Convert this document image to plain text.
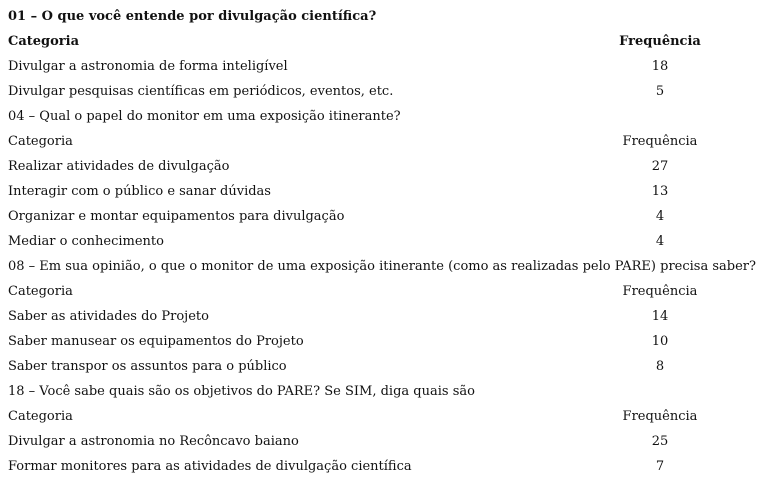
01 – O que você entende por divulgação científica?
Categoria	Frequência
Divulgar a astronomia de forma inteligível	18
Divulgar pesquisas científicas em periódicos, eventos, etc.	5
04 – Qual o papel do monitor em uma exposição itinerante?
Categoria	Frequência
Realizar atividades de divulgação	27
Interagir com o público e sanar dúvidas	13
Organizar e montar equipamentos para divulgação	4
Mediar o conhecimento	4
08 – Em sua opinião, o que o monitor de uma exposição itinerante (como as realizadas pelo PARE) precisa saber?
Categoria	Frequência
Saber as atividades do Projeto	14
Saber manusear os equipamentos do Projeto	10
Saber transpor os assuntos para o público	8
18 – Você sabe quais são os objetivos do PARE? Se SIM, diga quais são
Categoria	Frequência
Divulgar a astronomia no Recôncavo baiano	25
Formar monitores para as atividades de divulgação científica	7
